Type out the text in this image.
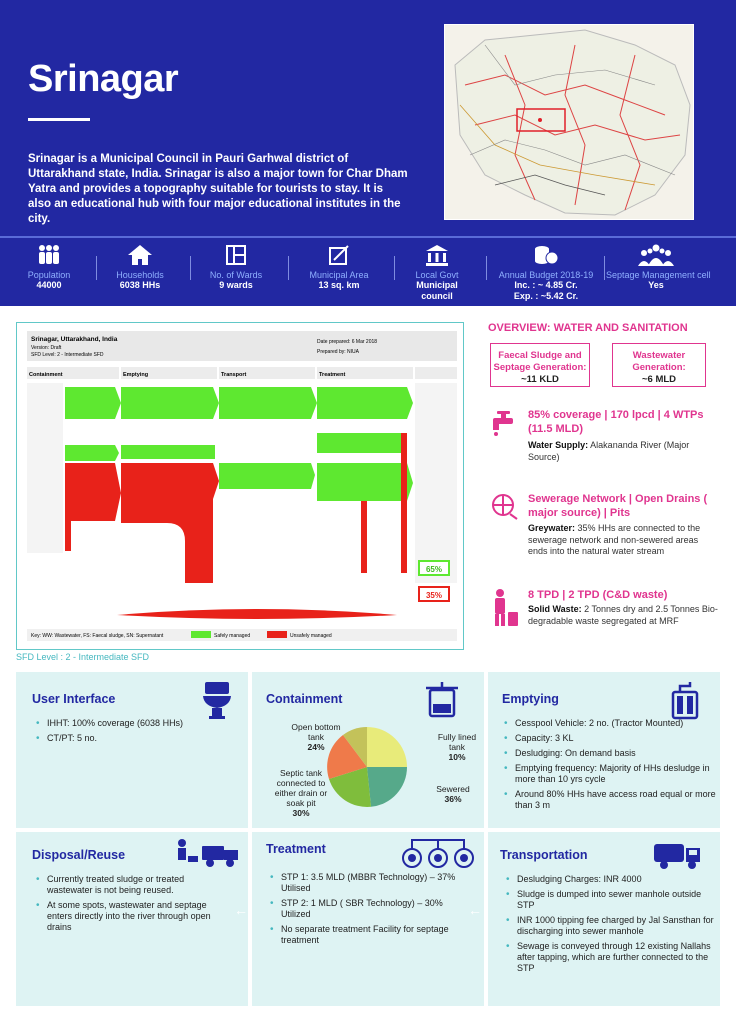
Srinagar
Srinagar is a Municipal Council in Pauri Garhwal district of Uttarakhand state, India. Srinagar is also a major town for Char Dham Yatra and provides a topography suitable for tourists to stay. It is also an educational hub with four major educational institutes in the city.
Population
44000
Households
6038 HHs
No. of Wards
9 wards
Municipal Area
13 sq. km
Local Govt
Municipal council
Annual Budget 2018-19
Inc. : ~ 4.85 Cr.
Exp. : ~5.42 Cr.
Septage Management cell
Yes
Srinagar, Uttarakhand, India
Version: Draft
SFD Level: 2 - Intermediate SFD
Date prepared: 6 Mar 2018
Prepared by: NIUA
Containment	Emptying	Transport	Treatment
65%
35%
Key: WW: Wastewater, FS: Faecal sludge, SN: Supernatant	Safely managed	Unsafely managed
SFD Level : 2 - Intermediate SFD
OVERVIEW: WATER AND SANITATION
Faecal Sludge and Septage Generation:
~11 KLD
Wastewater Generation:
~6 MLD
85% coverage | 170 lpcd | 4 WTPs (11.5 MLD)
Water Supply: Alakananda River (Major Source)
Sewerage Network | Open Drains ( major source) | Pits
Greywater: 35% HHs are connected to the sewerage network and non-sewered areas ends into the natural water stream
8 TPD | 2 TPD (C&D waste)
Solid Waste: 2 Tonnes dry and 2.5 Tonnes Bio-degradable waste segregated at MRF
User Interface
• IHHT: 100% coverage (6038 HHs)
• CT/PT: 5 no.
Containment
Open bottom tank
24%
Fully lined tank
10%
Septic tank connected to either drain or soak pit
30%
Sewered
36%
Emptying
• Cesspool Vehicle: 2 no. (Tractor Mounted)
• Capacity: 3 KL
• Desludging: On demand basis
• Emptying frequency: Majority of HHs desludge in more than 10 yrs cycle
• Around 80% HHs have access road equal or more than 3 m
Disposal/Reuse
• Currently treated sludge or treated wastewater is not being reused.
• At some spots, wastewater and septage enters directly into the river through open drains
←
Treatment
• STP 1: 3.5 MLD (MBBR Technology) – 37% Utilised
• STP 2: 1 MLD ( SBR Technology) – 30% Utilized
• No separate treatment Facility for septage treatment
←
Transportation
• Desludging Charges: INR 4000
• Sludge is dumped into sewer manhole outside STP
• INR 1000 tipping fee charged by Jal Sansthan for discharging into sewer manhole
• Sewage is conveyed through 12 existing Nallahs after tapping, which are further connected to the STP
